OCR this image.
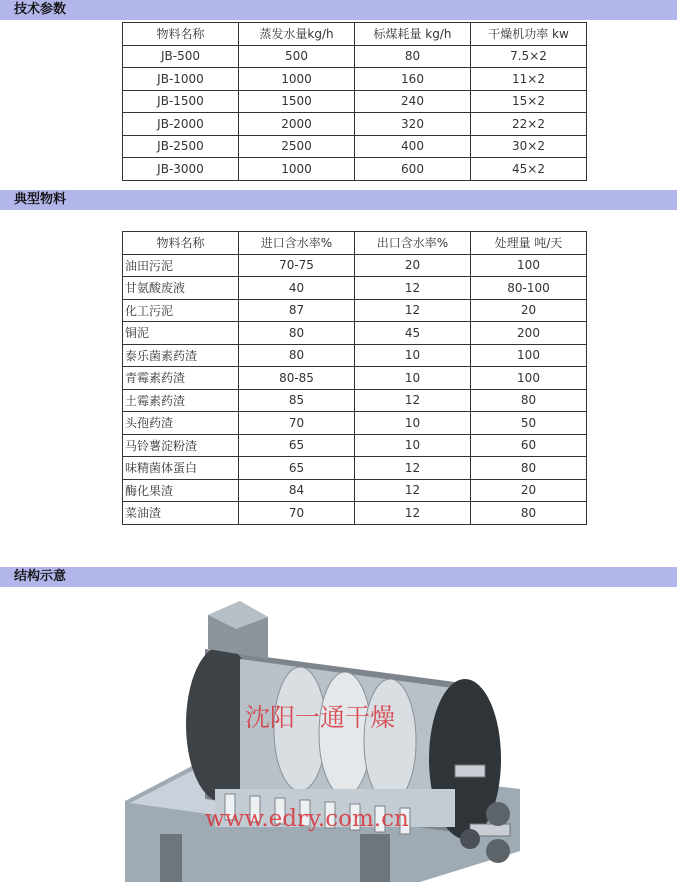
技术参数
物料名称	蒸发水量kg/h	标煤耗量 kg/h	干燥机功率 kw
JB-500	500	80	7.5×2
JB-1000	1000	160	11×2
JB-1500	1500	240	15×2
JB-2000	2000	320	22×2
JB-2500	2500	400	30×2
JB-3000	1000	600	45×2
典型物料
物料名称	进口含水率%	出口含水率%	处理量 吨/天
油田污泥	70-75	20	100
甘氨酸废液	40	12	80-100
化工污泥	87	12	20
铜泥	80	45	200
泰乐菌素药渣	80	10	100
青霉素药渣	80-85	10	100
土霉素药渣	85	12	80
头孢药渣	70	10	50
马铃薯淀粉渣	65	10	60
味精菌体蛋白	65	12	80
酶化果渣	84	12	20
菜油渣	70	12	80
结构示意
沈阳一通干燥
www.edry.com.cn
